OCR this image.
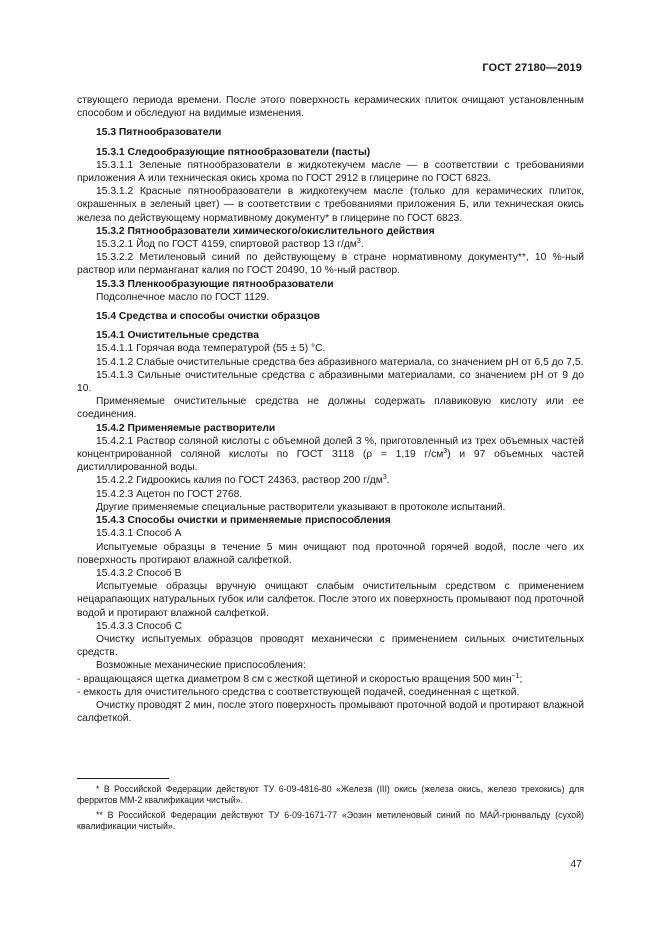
ГОСТ 27180—2019

ствующего периода времени. После этого поверхность керамических плиток очищают установленным способом и обследуют на видимые изменения.

15.3 Пятнообразователи

15.3.1 Следообразующие пятнообразователи (пасты)

15.3.1.1 Зеленые пятнообразователи в жидкотекучем масле — в соответствии с требованиями приложения А или техническая окись хрома по ГОСТ 2912 в глицерине по ГОСТ 6823.

15.3.1.2 Красные пятнообразователи в жидкотекучем масле (только для керамических плиток, окрашенных в зеленый цвет) — в соответствии с требованиями приложения Б, или техническая окись железа по действующему нормативному документу* в глицерине по ГОСТ 6823.

15.3.2 Пятнообразователи химического/окислительного действия

15.3.2.1 Йод по ГОСТ 4159, спиртовой раствор 13 $г/дм^3$.

15.3.2.2 Метиленовый синий по действующему в стране нормативному документу**, 10 %-ный раствор или перманганат калия по ГОСТ 20490, 10 %-ный раствор.

15.3.3 Пленкообразующие пятнообразователи

Подсолнечное масло по ГОСТ 1129.

15.4 Средства и способы очистки образцов

15.4.1 Очистительные средства

15.4.1.1 Горячая вода температурой (55 ± 5) °С.

15.4.1.2 Слабые очистительные средства без абразивного материала, со значением рН от 6,5 до 7,5.

15.4.1.3 Сильные очистительные средства с абразивными материалами, со значением рН от 9 до 10.

Применяемые очистительные средства не должны содержать плавиковую кислоту или ее соединения.

15.4.2 Применяемые растворители

15.4.2.1 Раствор соляной кислоты с объемной долей 3 %, приготовленный из трех объемных частей концентрированной соляной кислоты по ГОСТ 3118 (ρ = 1,19 $г/см^3$) и 97 объемных частей дистиллированной воды.

15.4.2.2 Гидроокись калия по ГОСТ 24363, раствор 200 $г/дм^3$.

15.4.2.3 Ацетон по ГОСТ 2768.

Другие применяемые специальные растворители указывают в протоколе испытаний.

15.4.3 Способы очистки и применяемые приспособления

15.4.3.1 Способ А

Испытуемые образцы в течение 5 мин очищают под проточной горячей водой, после чего их поверхность протирают влажной салфеткой.

15.4.3.2 Способ В

Испытуемые образцы вручную очищают слабым очистительным средством с применением нецарапающих натуральных губок или салфеток. После этого их поверхность промывают под проточной водой и протирают влажной салфеткой.

15.4.3.3 Способ С

Очистку испытуемых образцов проводят механически с применением сильных очистительных средств.

Возможные механические приспособления:

- вращающаяся щетка диаметром 8 см с жесткой щетиной и скоростью вращения 500 мин$^{-1}$;

- емкость для очистительного средства с соответствующей подачей, соединенная с щеткой.

Очистку проводят 2 мин, после этого поверхность промывают проточной водой и протирают влажной салфеткой.

* В Российской Федерации действуют ТУ 6-09-4816-80 «Железа (III) окись (железа окись, железо трехокись) для ферритов ММ-2 квалификации чистый».

** В Российской Федерации действуют ТУ 6-09-1671-77 «Эозин метиленовый синий по МАЙ-грюнвальду (сухой) квалификации чистый».

47
